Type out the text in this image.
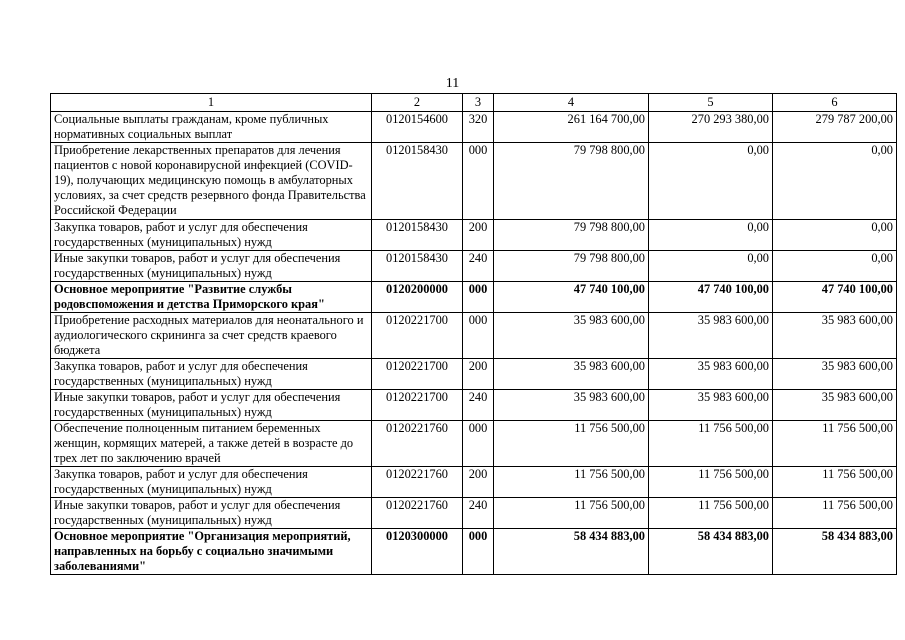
11
1	2	3	4	5	6
Социальные выплаты гражданам, кроме публичных нормативных социальных выплат	0120154600	320	261 164 700,00	270 293 380,00	279 787 200,00
Приобретение лекарственных препаратов для лечения пациентов с новой коронавирусной инфекцией (COVID-19), получающих медицинскую помощь в амбулаторных условиях, за счет средств резервного фонда Правительства Российской Федерации	0120158430	000	79 798 800,00	0,00	0,00
Закупка товаров, работ и услуг для обеспечения государственных (муниципальных) нужд	0120158430	200	79 798 800,00	0,00	0,00
Иные закупки товаров, работ и услуг для обеспечения государственных (муниципальных) нужд	0120158430	240	79 798 800,00	0,00	0,00
Основное мероприятие "Развитие службы родовспоможения и детства Приморского края"	0120200000	000	47 740 100,00	47 740 100,00	47 740 100,00
Приобретение расходных материалов для неонатального и аудиологического скрининга за счет средств краевого бюджета	0120221700	000	35 983 600,00	35 983 600,00	35 983 600,00
Закупка товаров, работ и услуг для обеспечения государственных (муниципальных) нужд	0120221700	200	35 983 600,00	35 983 600,00	35 983 600,00
Иные закупки товаров, работ и услуг для обеспечения государственных (муниципальных) нужд	0120221700	240	35 983 600,00	35 983 600,00	35 983 600,00
Обеспечение полноценным питанием беременных женщин, кормящих матерей, а также детей в возрасте до трех лет по заключению врачей	0120221760	000	11 756 500,00	11 756 500,00	11 756 500,00
Закупка товаров, работ и услуг для обеспечения государственных (муниципальных) нужд	0120221760	200	11 756 500,00	11 756 500,00	11 756 500,00
Иные закупки товаров, работ и услуг для обеспечения государственных (муниципальных) нужд	0120221760	240	11 756 500,00	11 756 500,00	11 756 500,00
Основное мероприятие "Организация мероприятий, направленных на борьбу с социально значимыми заболеваниями"	0120300000	000	58 434 883,00	58 434 883,00	58 434 883,00
